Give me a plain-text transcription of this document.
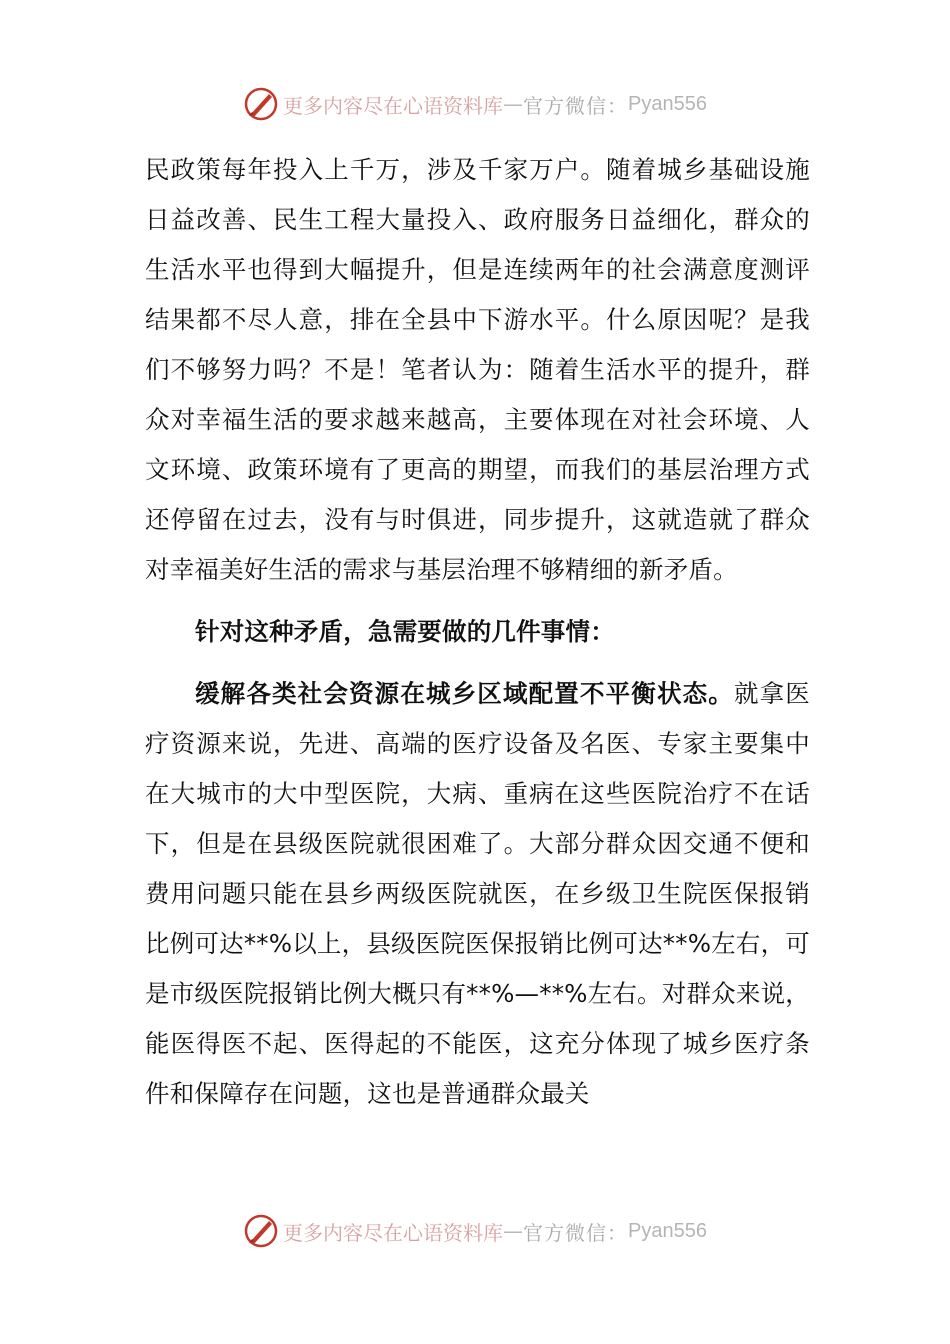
更多内容尽在心语资料库 — 官方微信： Pyan556

民政策每年投入上千万，涉及千家万户。随着城乡基础设施日益改善、民生工程大量投入、政府服务日益细化，群众的生活水平也得到大幅提升，但是连续两年的社会满意度测评结果都不尽人意，排在全县中下游水平。什么原因呢？是我们不够努力吗？不是！笔者认为：随着生活水平的提升，群众对幸福生活的要求越来越高，主要体现在对社会环境、人文环境、政策环境有了更高的期望，而我们的基层治理方式还停留在过去，没有与时俱进，同步提升，这就造就了群众对幸福美好生活的需求与基层治理不够精细的新矛盾。

针对这种矛盾，急需要做的几件事情：

缓解各类社会资源在城乡区域配置不平衡状态。就拿医疗资源来说，先进、高端的医疗设备及名医、专家主要集中在大城市的大中型医院，大病、重病在这些医院治疗不在话下，但是在县级医院就很困难了。大部分群众因交通不便和费用问题只能在县乡两级医院就医，在乡级卫生院医保报销比例可达**%以上，县级医院医保报销比例可达**%左右，可是市级医院报销比例大概只有**%—**%左右。对群众来说，能医得医不起、医得起的不能医，这充分体现了城乡医疗条件和保障存在问题，这也是普通群众最关

更多内容尽在心语资料库 — 官方微信： Pyan556
